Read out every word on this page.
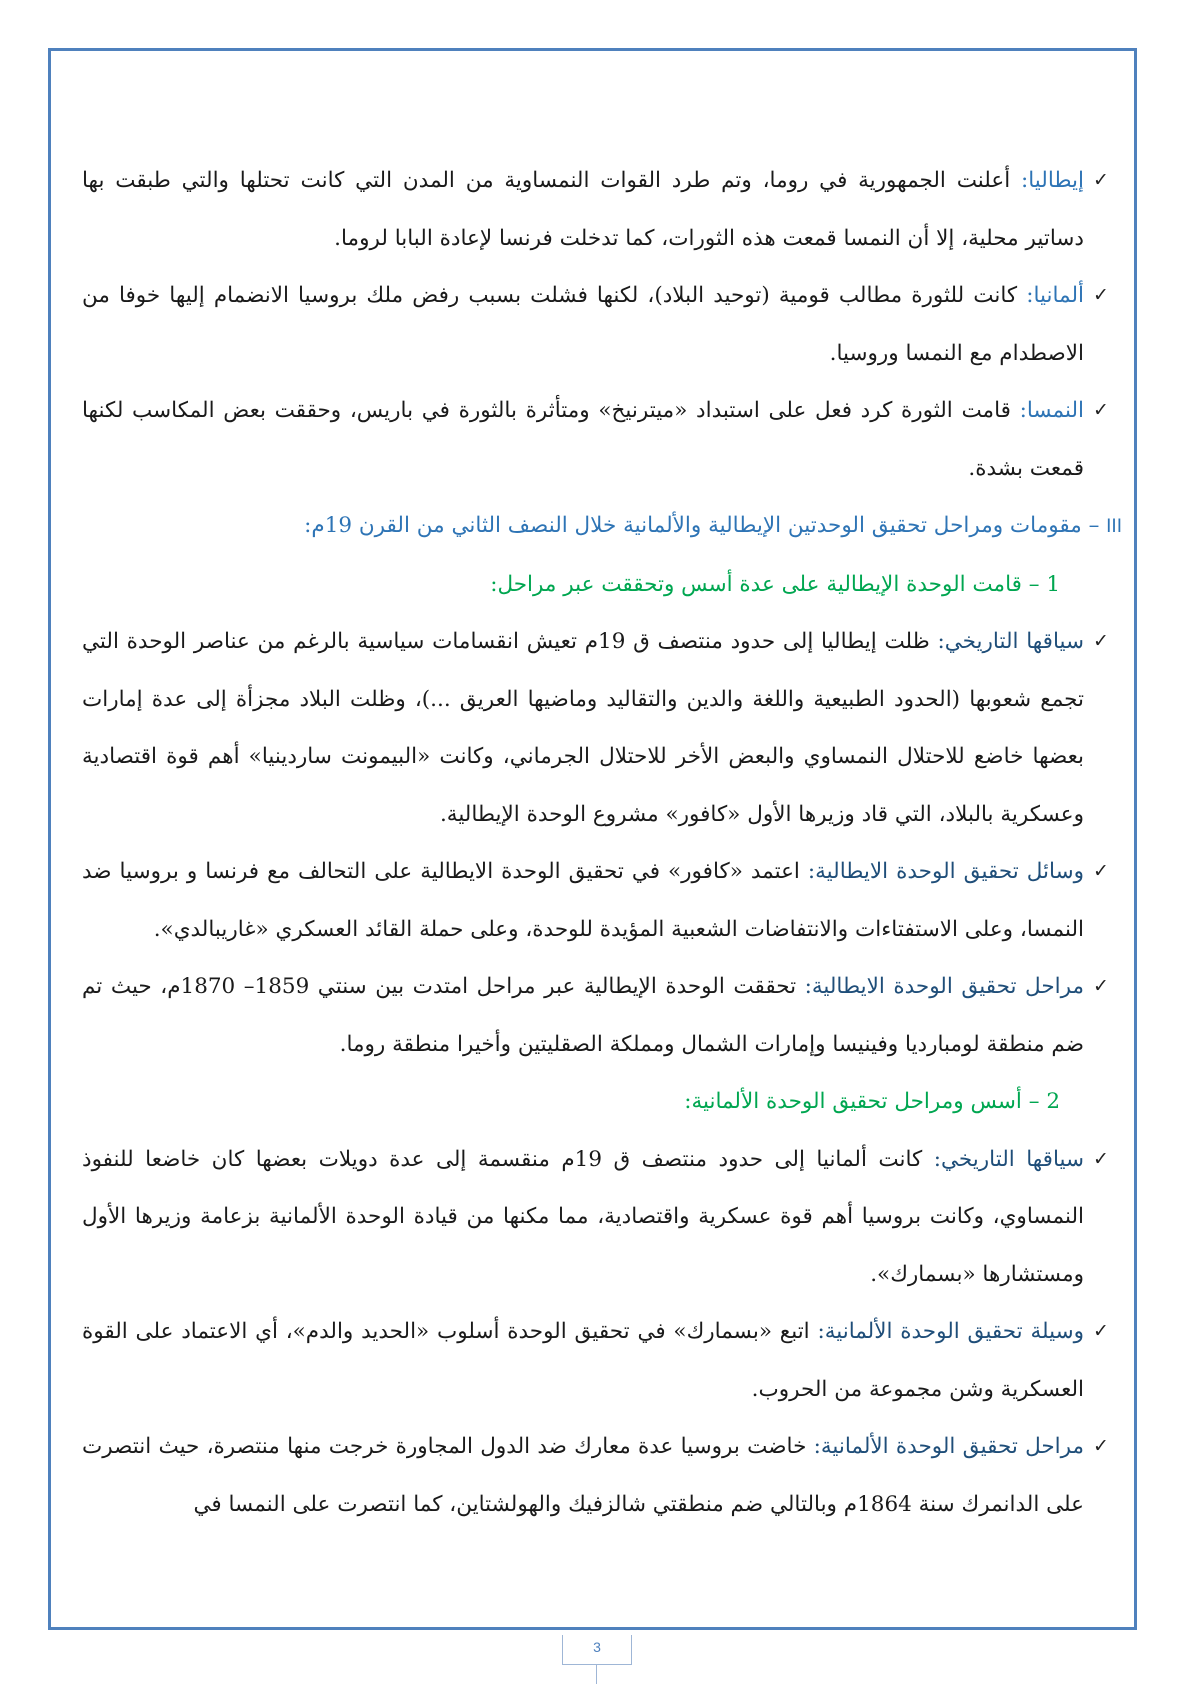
✓
إيطاليا: أعلنت الجمهورية في روما، وتم طرد القوات النمساوية من المدن التي كانت تحتلها والتي طبقت بها دساتير محلية، إلا أن النمسا قمعت هذه الثورات، كما تدخلت فرنسا لإعادة البابا لروما.
✓
ألمانيا: كانت للثورة مطالب قومية (توحيد البلاد)، لكنها فشلت بسبب رفض ملك بروسيا الانضمام إليها خوفا من الاصطدام مع النمسا وروسيا.
✓
النمسا: قامت الثورة كرد فعل على استبداد «ميترنيخ» ومتأثرة بالثورة في باريس، وحققت بعض المكاسب لكنها قمعت بشدة.
III – مقومات ومراحل تحقيق الوحدتين الإيطالية والألمانية خلال النصف الثاني من القرن 19م:
1 – قامت الوحدة الإيطالية على عدة أسس وتحققت عبر مراحل:
✓
سياقها التاريخي: ظلت إيطاليا إلى حدود منتصف ق 19م تعيش انقسامات سياسية بالرغم من عناصر الوحدة التي تجمع شعوبها (الحدود الطبيعية واللغة والدين والتقاليد وماضيها العريق ...)، وظلت البلاد مجزأة إلى عدة إمارات بعضها خاضع للاحتلال النمساوي والبعض الأخر للاحتلال الجرماني، وكانت «البيمونت ساردينيا» أهم قوة اقتصادية وعسكرية بالبلاد، التي قاد وزيرها الأول «كافور» مشروع الوحدة الإيطالية.
✓
وسائل تحقيق الوحدة الايطالية: اعتمد «كافور» في تحقيق الوحدة الايطالية على التحالف مع فرنسا و بروسيا ضد النمسا، وعلى الاستفتاءات والانتفاضات الشعبية المؤيدة للوحدة، وعلى حملة القائد العسكري «غاريبالدي».
✓
مراحل تحقيق الوحدة الايطالية: تحققت الوحدة الإيطالية عبر مراحل امتدت بين سنتي 1859– 1870م، حيث تم ضم منطقة لومبارديا وفينيسا وإمارات الشمال ومملكة الصقليتين وأخيرا منطقة روما.
2 – أسس ومراحل تحقيق الوحدة الألمانية:
✓
سياقها التاريخي: كانت ألمانيا إلى حدود منتصف ق 19م منقسمة إلى عدة دويلات بعضها كان خاضعا للنفوذ النمساوي، وكانت بروسيا أهم قوة عسكرية واقتصادية، مما مكنها من قيادة الوحدة الألمانية بزعامة وزيرها الأول ومستشارها «بسمارك».
✓
وسيلة تحقيق الوحدة الألمانية: اتبع «بسمارك» في تحقيق الوحدة أسلوب «الحديد والدم»، أي الاعتماد على القوة العسكرية وشن مجموعة من الحروب.
✓
مراحل تحقيق الوحدة الألمانية: خاضت بروسيا عدة معارك ضد الدول المجاورة خرجت منها منتصرة، حيث انتصرت على الدانمرك سنة 1864م وبالتالي ضم منطقتي شالزفيك والهولشتاين، كما انتصرت على النمسا في
3
